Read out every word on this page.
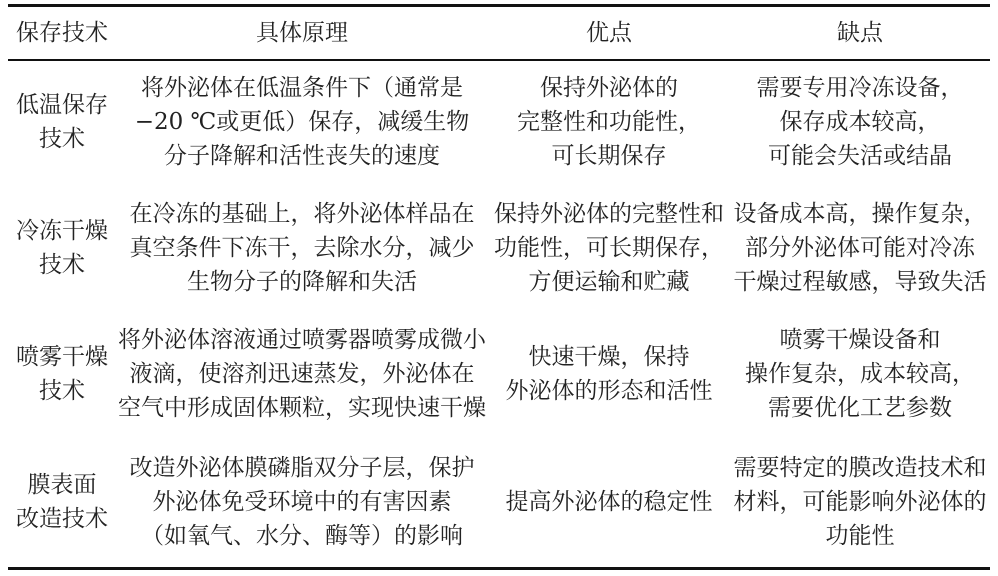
保存技术	具体原理	优点	缺点

低温保存
技术	将外泌体在低温条件下（通常是
−20 ℃或更低）保存，减缓生物
分子降解和活性丧失的速度	保持外泌体的
完整性和功能性，
可长期保存	需要专用冷冻设备，
保存成本较高，
可能会失活或结晶

冷冻干燥
技术	在冷冻的基础上，将外泌体样品在
真空条件下冻干，去除水分，减少
生物分子的降解和失活	保持外泌体的完整性和
功能性，可长期保存，
方便运输和贮藏	设备成本高，操作复杂，
部分外泌体可能对冷冻
干燥过程敏感，导致失活

喷雾干燥
技术	将外泌体溶液通过喷雾器喷雾成微小
液滴，使溶剂迅速蒸发，外泌体在
空气中形成固体颗粒，实现快速干燥	快速干燥，保持
外泌体的形态和活性	喷雾干燥设备和
操作复杂，成本较高，
需要优化工艺参数

膜表面
改造技术	改造外泌体膜磷脂双分子层，保护
外泌体免受环境中的有害因素
（如氧气、水分、酶等）的影响	提高外泌体的稳定性	需要特定的膜改造技术和
材料，可能影响外泌体的
功能性
